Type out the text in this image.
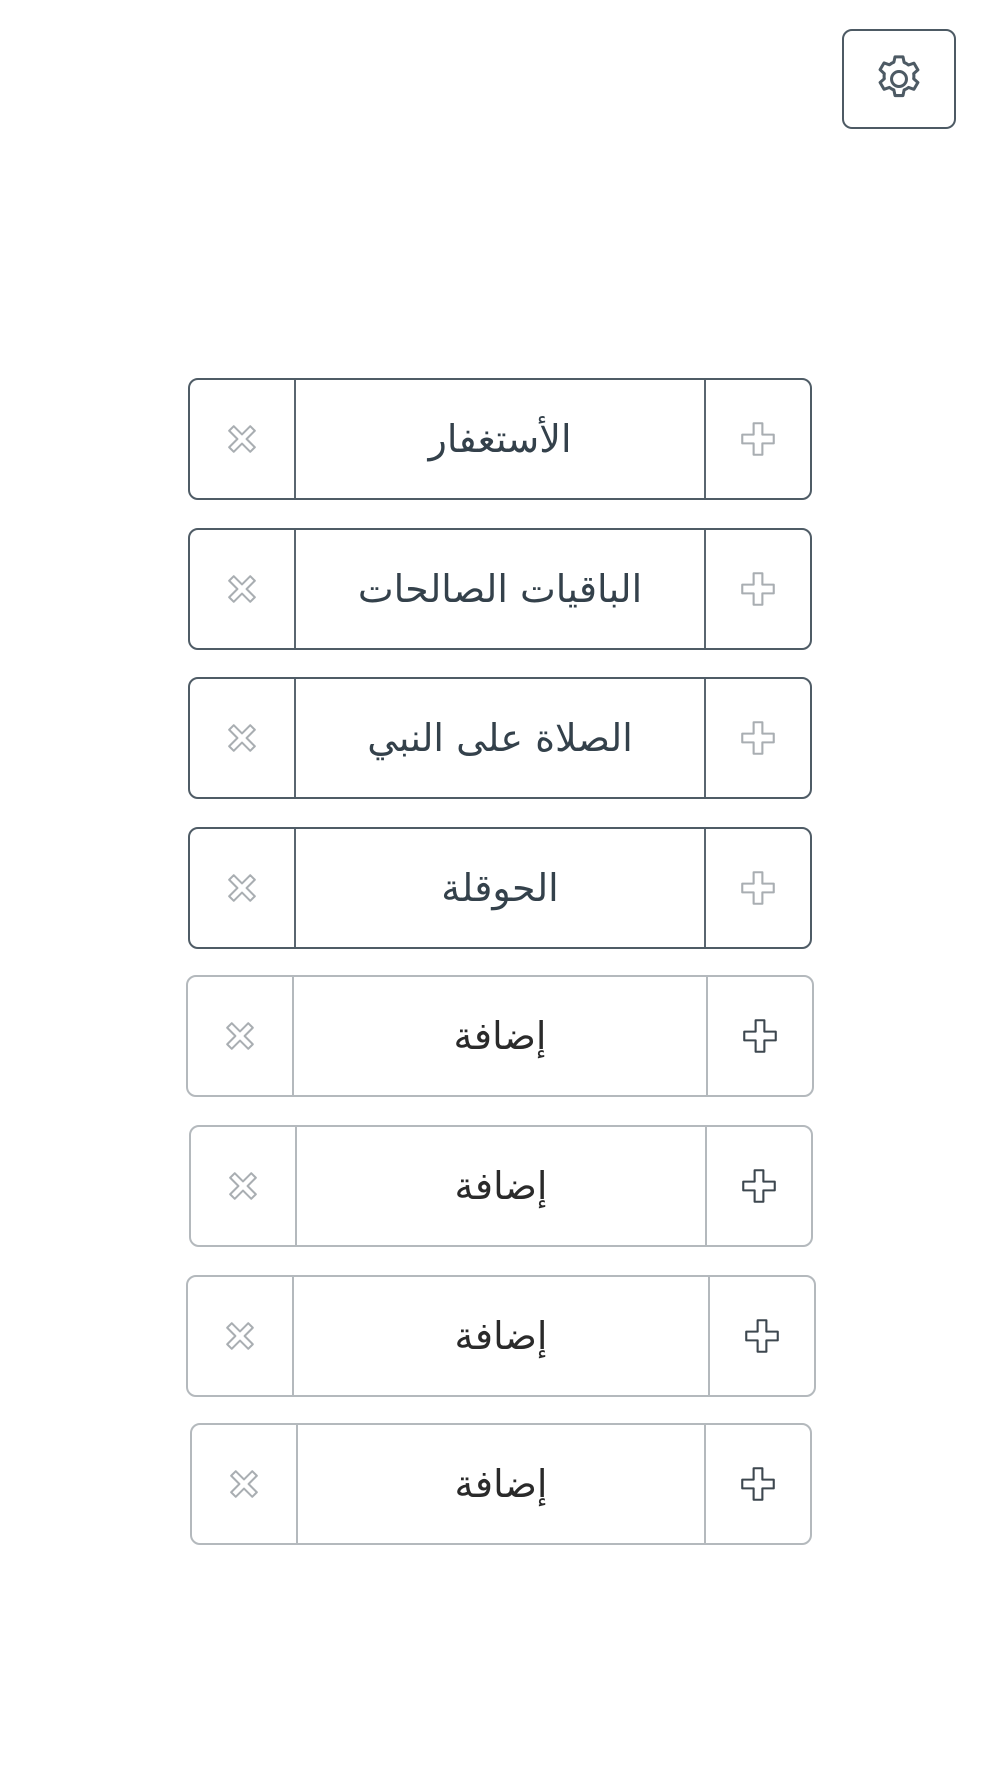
الأستغفار
الباقيات الصالحات
الصلاة على النبي
الحوقلة
إضافة
إضافة
إضافة
إضافة
